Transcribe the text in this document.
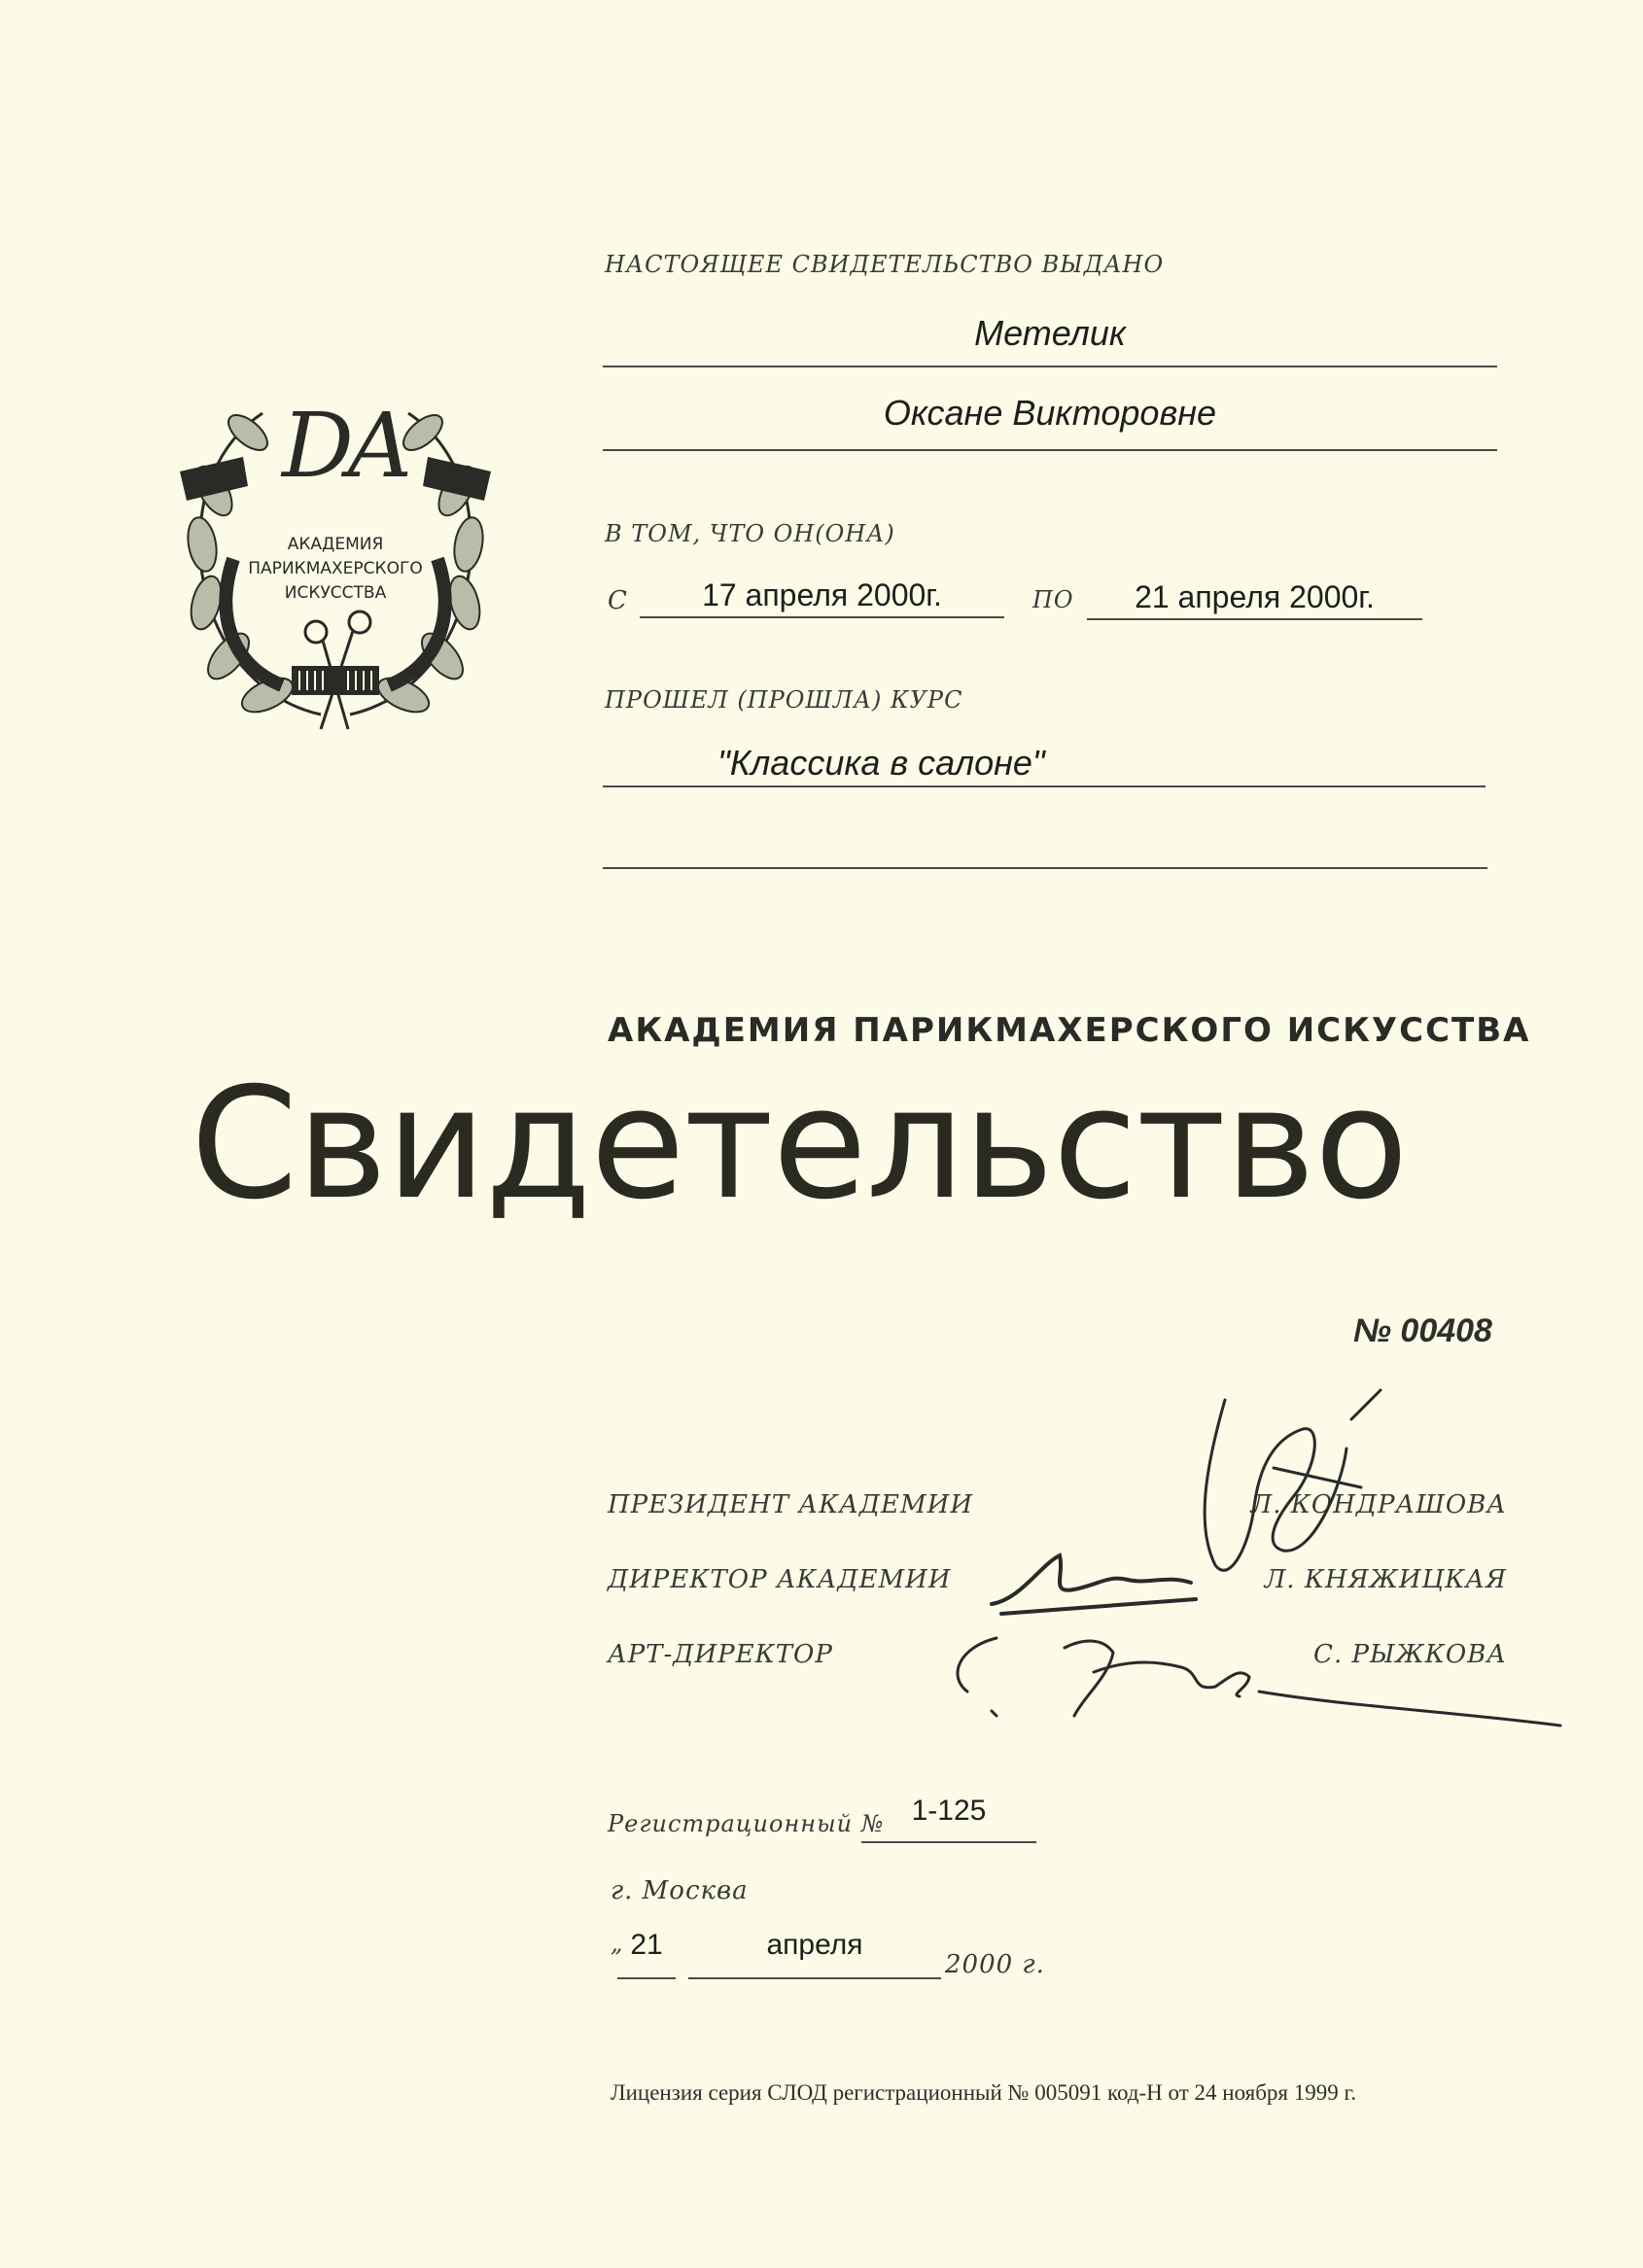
DA
АКАДЕМИЯ
ПАРИКМАХЕРСКОГО
ИСКУССТВА
НАСТОЯЩЕЕ СВИДЕТЕЛЬСТВО ВЫДАНО
Метелик
Оксане Викторовне
В ТОМ, ЧТО ОН(ОНА)
С	17 апреля 2000г.	ПО	21 апреля 2000г.
ПРОШЕЛ (ПРОШЛА) КУРС
"Классика в салоне"
АКАДЕМИЯ ПАРИКМАХЕРСКОГО ИСКУССТВА
Свидетельство
№ 00408
ПРЕЗИДЕНТ АКАДЕМИИ	Л. КОНДРАШОВА
ДИРЕКТОР АКАДЕМИИ	Л. КНЯЖИЦКАЯ
АРТ-ДИРЕКТОР	С. РЫЖКОВА
Регистрационный № 1-125
г. Москва
„ 21	апреля
2000 г.
Лицензия серия СЛОД регистрационный № 005091 код-Н от 24 ноября 1999 г.
